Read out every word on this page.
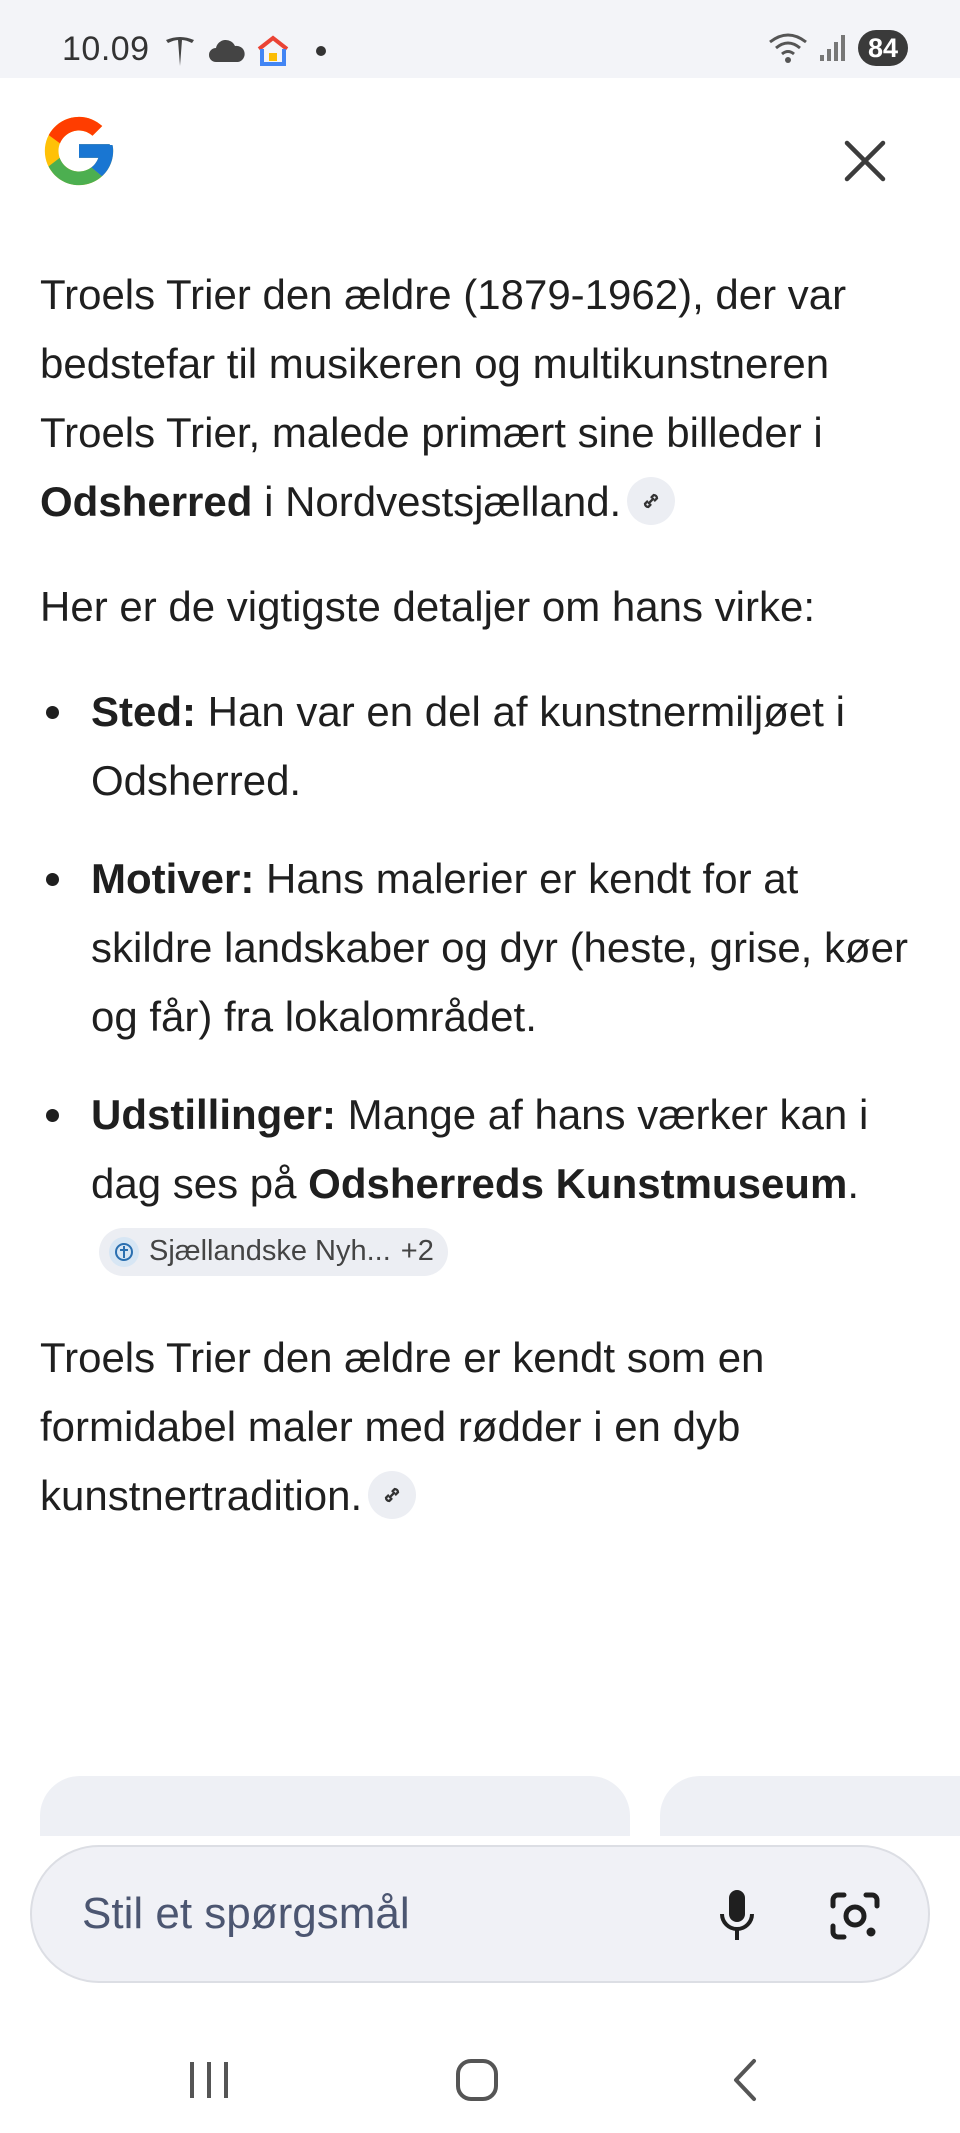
10.09	84

Troels Trier den ældre (1879-1962), der var bedstefar til musikeren og multikunstneren Troels Trier, malede primært sine billeder i Odsherred i Nordvestsjælland.

Her er de vigtigste detaljer om hans virke:

Sted: Han var en del af kunstnermiljøet i Odsherred.
Motiver: Hans malerier er kendt for at skildre landskaber og dyr (heste, grise, køer og får) fra lokalområdet.
Udstillinger: Mange af hans værker kan i dag ses på Odsherreds Kunstmuseum.
Sjællandske Nyh... +2

Troels Trier den ældre er kendt som en formidabel maler med rødder i en dyb kunstnertradition.

Stil et spørgsmål
